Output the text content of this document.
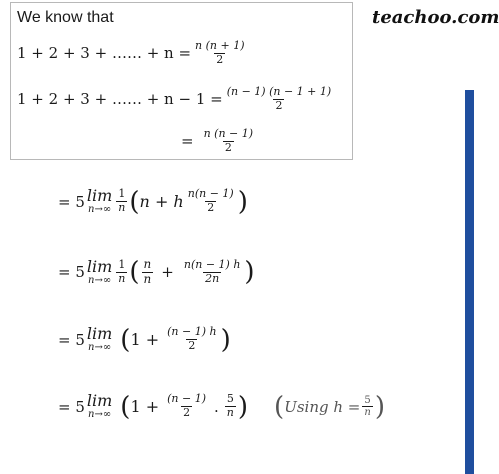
teachoo.com
We know that
1 + 2 + 3 + …… + $n = \frac{n (n + 1)}{2}$
1 + 2 + 3 + …… + $n - 1 = \frac{(n - 1) (n - 1 + 1)}{2}$
= $\frac{n (n - 1)}{2}$
= 5 lim
$n\to\infty \frac{1}{n}$ ( n + h $\frac{n(n - 1)}{2}$ )
= 5 lim
$n\to\infty \frac{1}{n}$ ( $\frac{n}{n} + \frac{n(n - 1) h}{2n}$ )
= 5 lim
n→∞ ( $1 + \frac{(n - 1) h}{2}$ )
= 5 lim
n→∞ ( $1 + \frac{(n - 1)}{2}$ . $\frac{5}{n}$ ) ( Using $h = \frac{5}{n}$ )
